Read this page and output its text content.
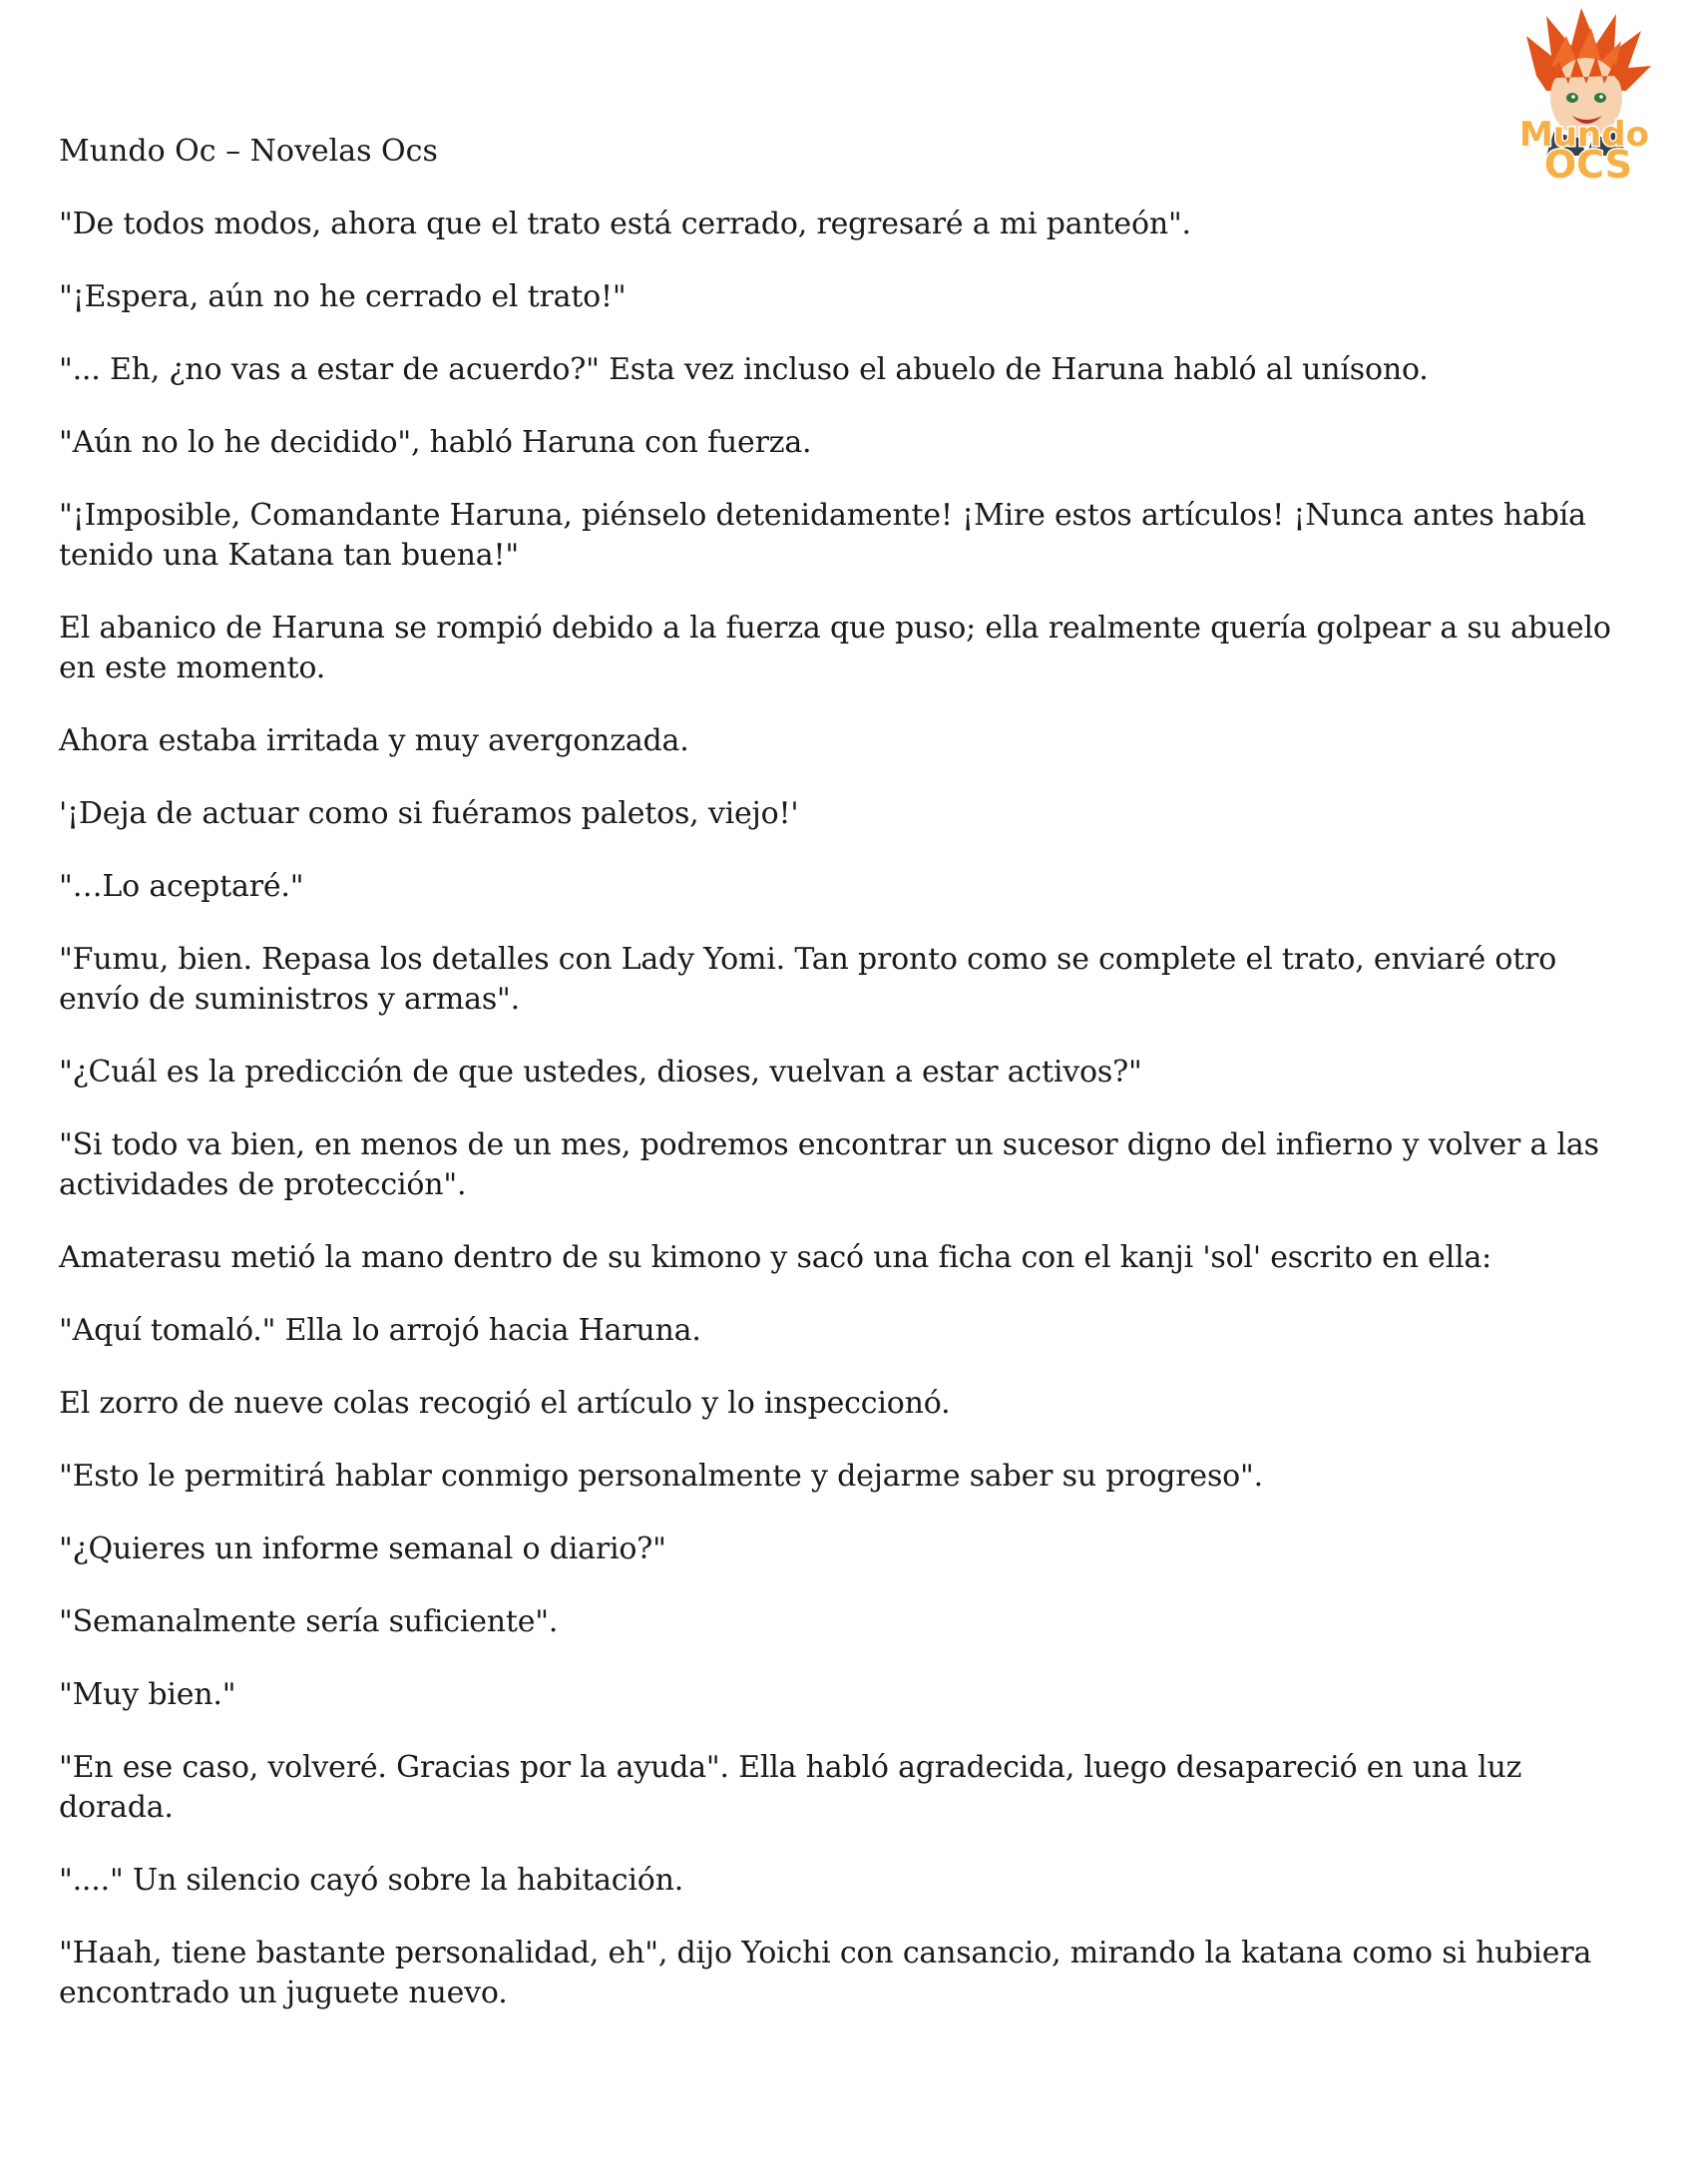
Mundo
OCS
Mundo Oc – Novelas Ocs

"De todos modos, ahora que el trato está cerrado, regresaré a mi panteón".

"¡Espera, aún no he cerrado el trato!"

"... Eh, ¿no vas a estar de acuerdo?" Esta vez incluso el abuelo de Haruna habló al unísono.

"Aún no lo he decidido", habló Haruna con fuerza.

"¡Imposible, Comandante Haruna, piénselo detenidamente! ¡Mire estos artículos! ¡Nunca antes había tenido una Katana tan buena!"

El abanico de Haruna se rompió debido a la fuerza que puso; ella realmente quería golpear a su abuelo en este momento.

Ahora estaba irritada y muy avergonzada.

'¡Deja de actuar como si fuéramos paletos, viejo!'

"…Lo aceptaré."

"Fumu, bien. Repasa los detalles con Lady Yomi. Tan pronto como se complete el trato, enviaré otro envío de suministros y armas".

"¿Cuál es la predicción de que ustedes, dioses, vuelvan a estar activos?"

"Si todo va bien, en menos de un mes, podremos encontrar un sucesor digno del infierno y volver a las actividades de protección".

Amaterasu metió la mano dentro de su kimono y sacó una ficha con el kanji 'sol' escrito en ella:

"Aquí tomaló." Ella lo arrojó hacia Haruna.

El zorro de nueve colas recogió el artículo y lo inspeccionó.

"Esto le permitirá hablar conmigo personalmente y dejarme saber su progreso".

"¿Quieres un informe semanal o diario?"

"Semanalmente sería suficiente".

"Muy bien."

"En ese caso, volveré. Gracias por la ayuda". Ella habló agradecida, luego desapareció en una luz dorada.

"...." Un silencio cayó sobre la habitación.

"Haah, tiene bastante personalidad, eh", dijo Yoichi con cansancio, mirando la katana como si hubiera encontrado un juguete nuevo.
